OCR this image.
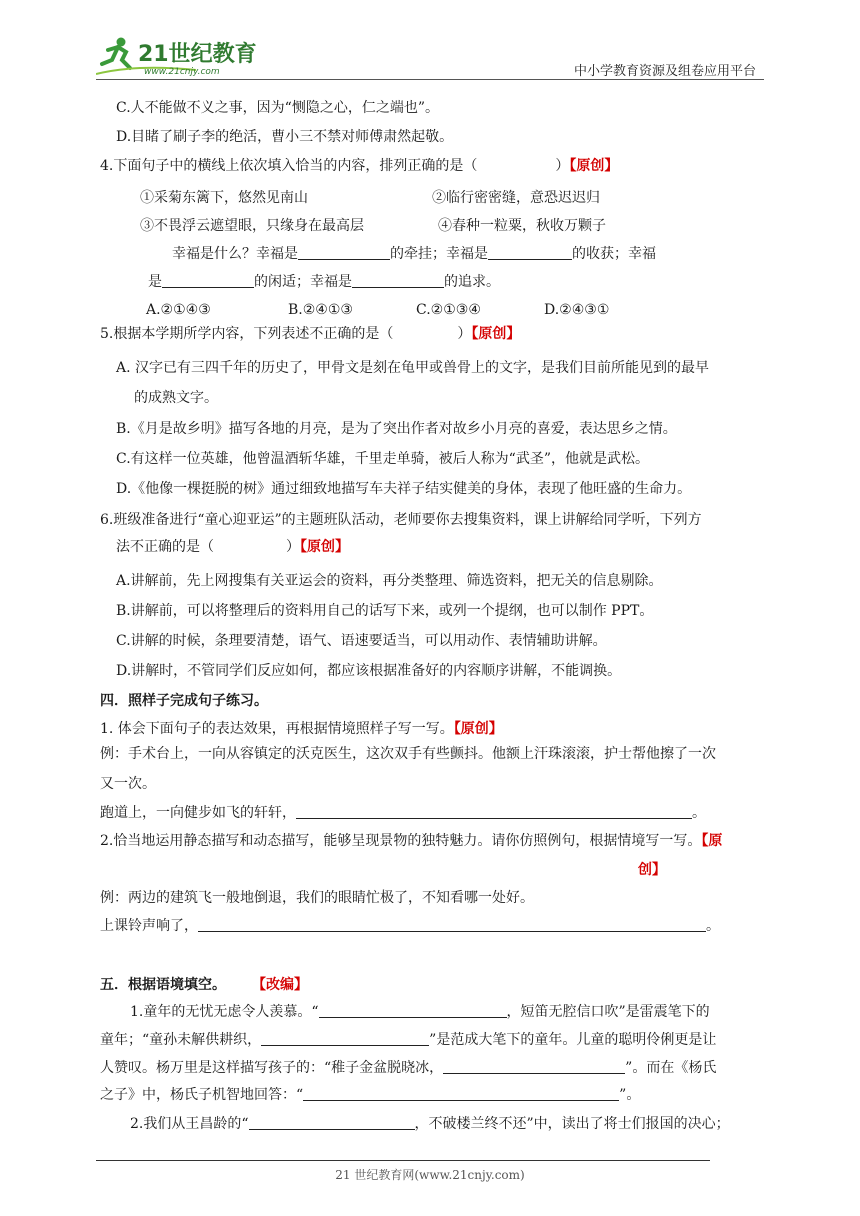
21世纪教育
www.21cnjy.com	中小学教育资源及组卷应用平台
C.人不能做不义之事，因为“恻隐之心，仁之端也”。
D.目睹了刷子李的绝活，曹小三不禁对师傅肃然起敬。
4.下面句子中的横线上依次填入恰当的内容，排列正确的是（	）【原创】
①采菊东篱下，悠然见南山	②临行密密缝，意恐迟迟归
③不畏浮云遮望眼，只缘身在最高层	④春种一粒粟，秋收万颗子
幸福是什么？幸福是	的牵挂；幸福是	的收获；幸福
是	的闲适；幸福是	的追求。
A.②①④③	B.②④①③	C.②①③④	D.②④③①
5.根据本学期所学内容，下列表述不正确的是（	）【原创】
A. 汉字已有三四千年的历史了，甲骨文是刻在龟甲或兽骨上的文字，是我们目前所能见到的最早
的成熟文字。
B.《月是故乡明》描写各地的月亮，是为了突出作者对故乡小月亮的喜爱，表达思乡之情。
C.有这样一位英雄，他曾温酒斩华雄，千里走单骑，被后人称为“武圣”，他就是武松。
D.《他像一棵挺脱的树》通过细致地描写车夫祥子结实健美的身体，表现了他旺盛的生命力。
6.班级准备进行“童心迎亚运”的主题班队活动，老师要你去搜集资料，课上讲解给同学听，下列方
法不正确的是（	）【原创】
A.讲解前，先上网搜集有关亚运会的资料，再分类整理、筛选资料，把无关的信息剔除。
B.讲解前，可以将整理后的资料用自己的话写下来，或列一个提纲，也可以制作 PPT。
C.讲解的时候，条理要清楚，语气、语速要适当，可以用动作、表情辅助讲解。
D.讲解时，不管同学们反应如何，都应该根据准备好的内容顺序讲解，不能调换。
四．照样子完成句子练习。
1. 体会下面句子的表达效果，再根据情境照样子写一写。【原创】
例：手术台上，一向从容镇定的沃克医生，这次双手有些颤抖。他额上汗珠滚滚，护士帮他擦了一次
又一次。
跑道上，一向健步如飞的轩轩，	。
2.恰当地运用静态描写和动态描写，能够呈现景物的独特魅力。请你仿照例句，根据情境写一写。【原
创】
例：两边的建筑飞一般地倒退，我们的眼睛忙极了，不知看哪一处好。
上课铃声响了，	。
五．根据语境填空。 【改编】
1.童年的无忧无虑令人羡慕。“	，短笛无腔信口吹”是雷震笔下的
童年；“童孙未解供耕织，	”是范成大笔下的童年。儿童的聪明伶俐更是让
人赞叹。杨万里是这样描写孩子的：“稚子金盆脱晓冰，	”。而在《杨氏
之子》中，杨氏子机智地回答：“	”。
2.我们从王昌龄的“	，不破楼兰终不还”中，读出了将士们报国的决心；
21 世纪教育网(www.21cnjy.com)
